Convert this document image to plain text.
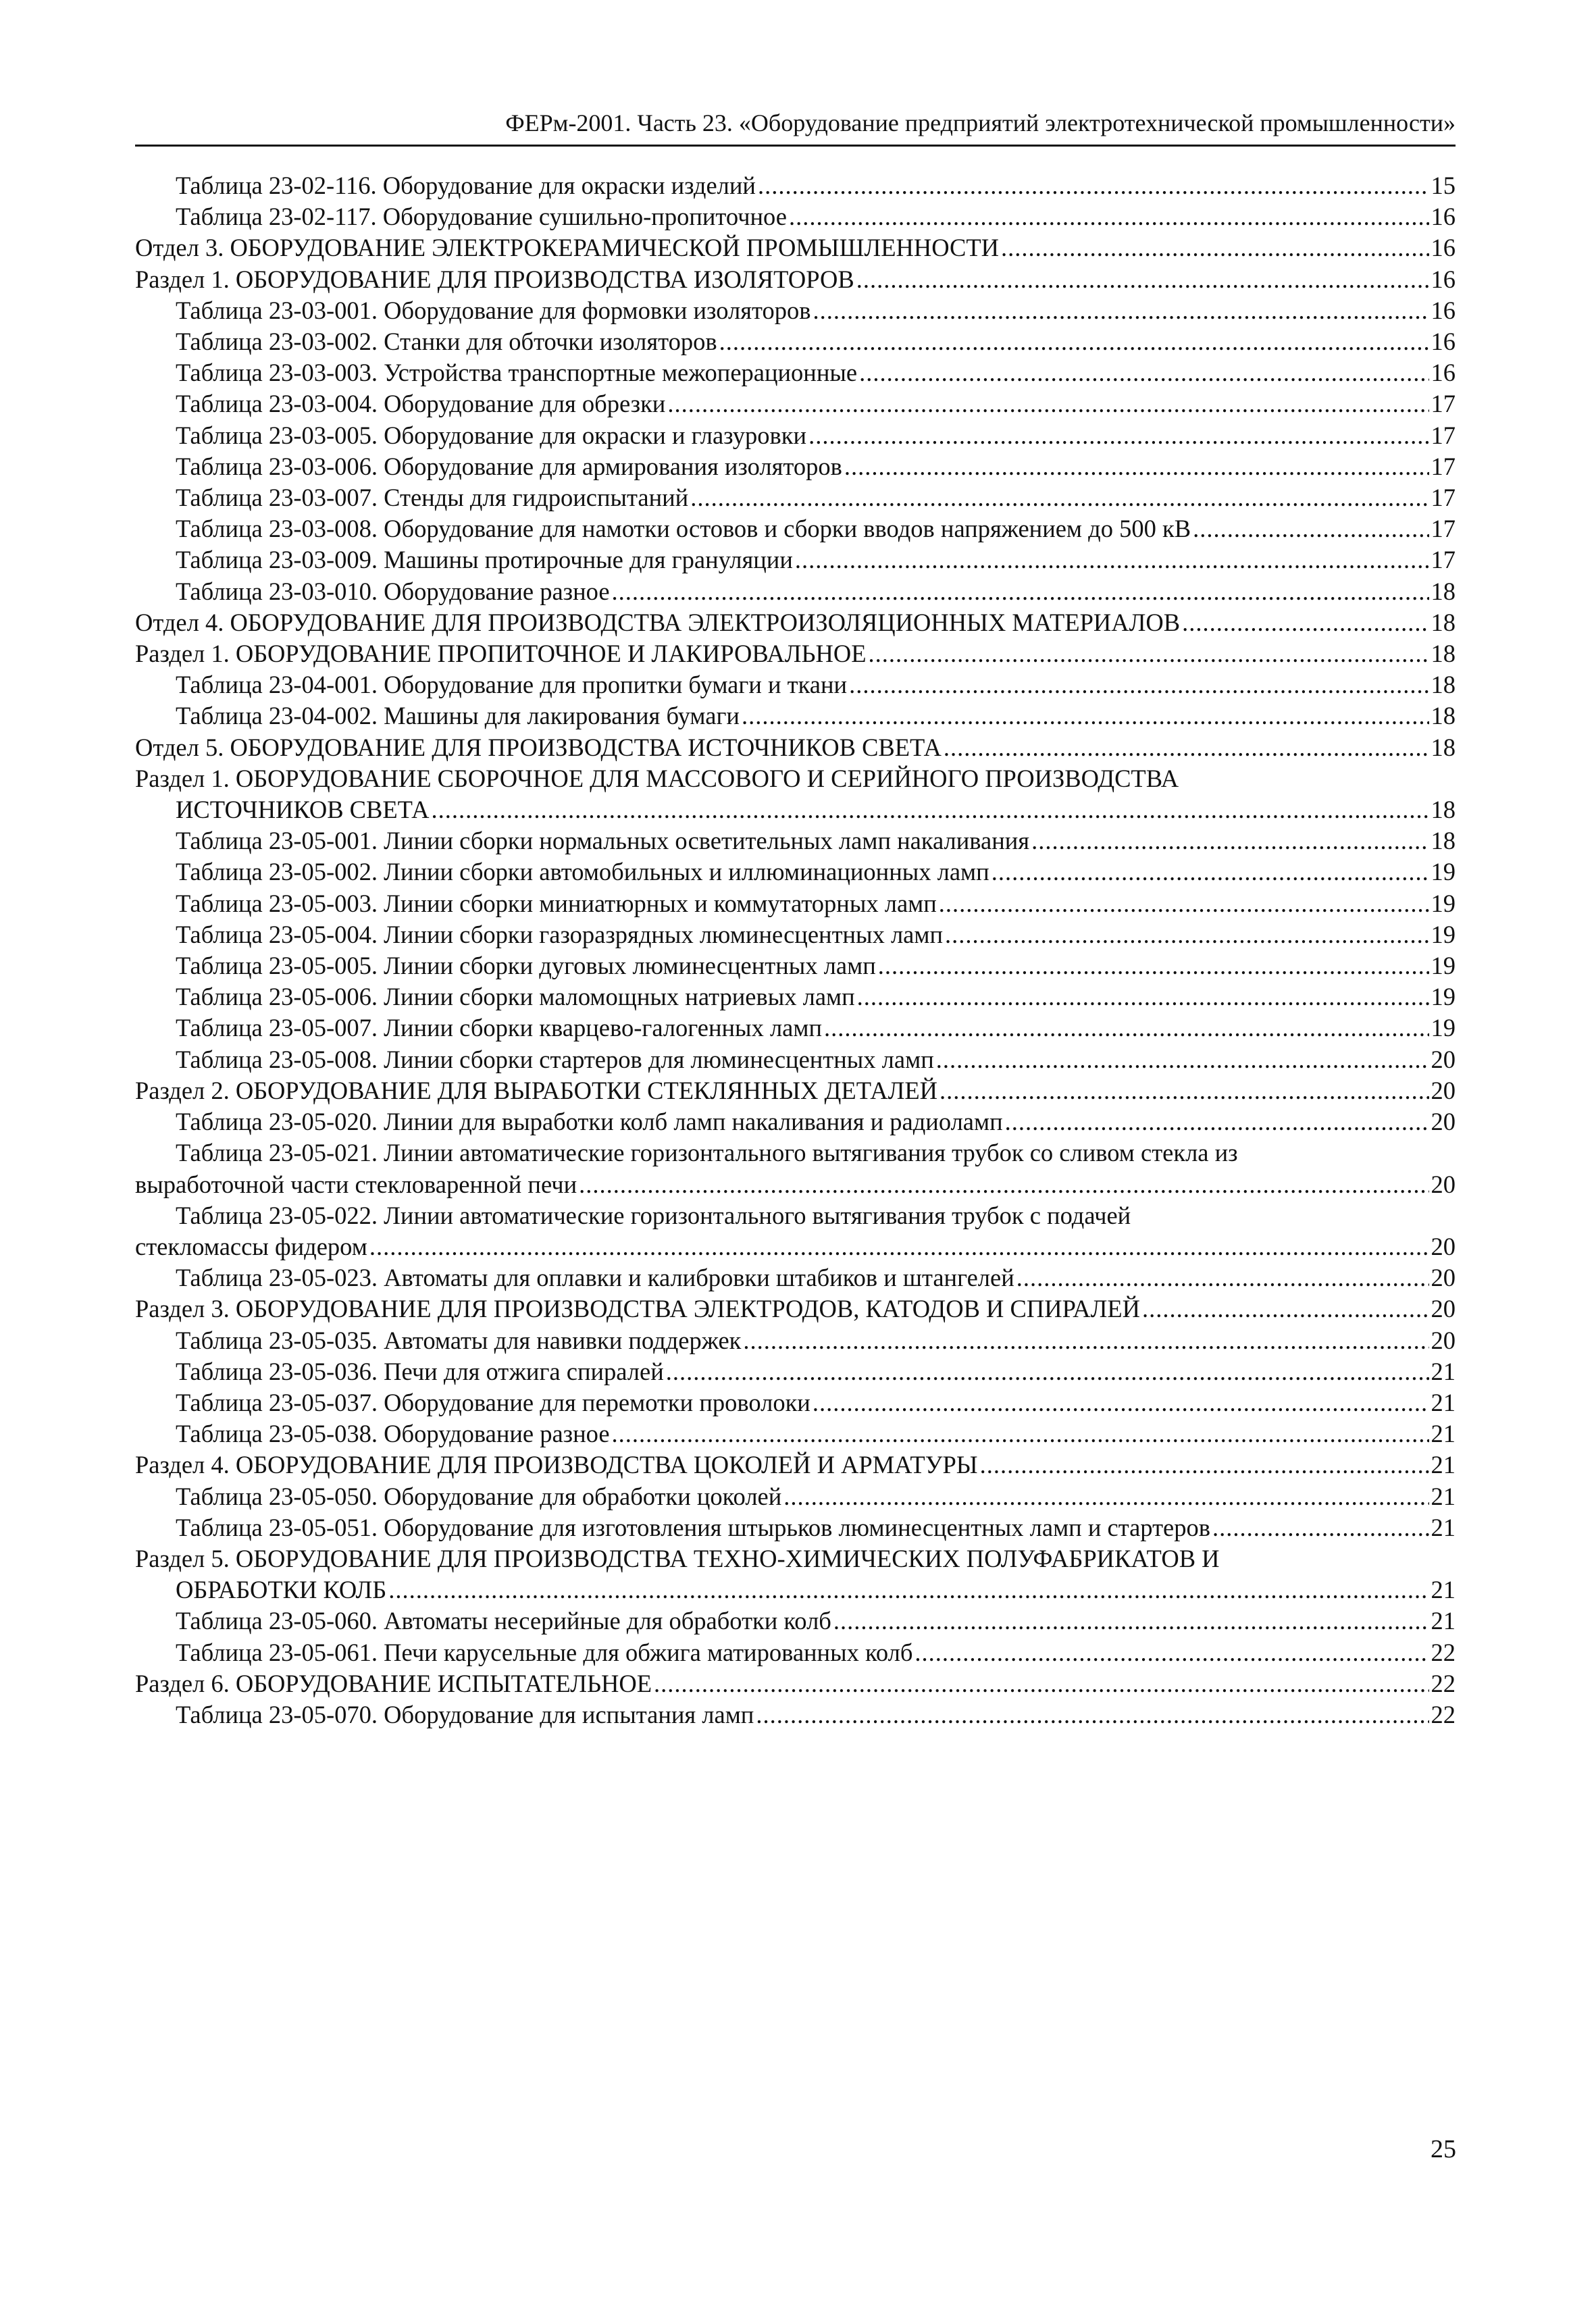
ФЕРм-2001. Часть 23. «Оборудование предприятий электротехнической промышленности»
Таблица 23-02-116. Оборудование для окраски изделий .....	15
Таблица 23-02-117. Оборудование сушильно-пропиточное .....	16
Отдел 3. ОБОРУДОВАНИЕ ЭЛЕКТРОКЕРАМИЧЕСКОЙ ПРОМЫШЛЕННОСТИ .....	16
Раздел 1. ОБОРУДОВАНИЕ ДЛЯ ПРОИЗВОДСТВА ИЗОЛЯТОРОВ .....	16
Таблица 23-03-001. Оборудование для формовки изоляторов .....	16
Таблица 23-03-002. Станки для обточки изоляторов .....	16
Таблица 23-03-003. Устройства транспортные межоперационные .....	16
Таблица 23-03-004. Оборудование для обрезки .....	17
Таблица 23-03-005. Оборудование для окраски и глазуровки .....	17
Таблица 23-03-006. Оборудование для армирования изоляторов .....	17
Таблица 23-03-007. Стенды для гидроиспытаний .....	17
Таблица 23-03-008. Оборудование для намотки остовов и сборки вводов напряжением до 500 кВ .....	17
Таблица 23-03-009. Машины протирочные для грануляции .....	17
Таблица 23-03-010. Оборудование разное .....	18
Отдел 4. ОБОРУДОВАНИЕ ДЛЯ ПРОИЗВОДСТВА ЭЛЕКТРОИЗОЛЯЦИОННЫХ МАТЕРИАЛОВ .....	18
Раздел 1. ОБОРУДОВАНИЕ ПРОПИТОЧНОЕ И ЛАКИРОВАЛЬНОЕ .....	18
Таблица 23-04-001. Оборудование для пропитки бумаги и ткани .....	18
Таблица 23-04-002. Машины для лакирования бумаги .....	18
Отдел 5. ОБОРУДОВАНИЕ ДЛЯ ПРОИЗВОДСТВА ИСТОЧНИКОВ СВЕТА .....	18
Раздел 1. ОБОРУДОВАНИЕ СБОРОЧНОЕ ДЛЯ МАССОВОГО И СЕРИЙНОГО ПРОИЗВОДСТВА
ИСТОЧНИКОВ СВЕТА .....	18
Таблица 23-05-001. Линии сборки нормальных осветительных ламп накаливания .....	18
Таблица 23-05-002. Линии сборки автомобильных и иллюминационных ламп .....	19
Таблица 23-05-003. Линии сборки миниатюрных и коммутаторных ламп .....	19
Таблица 23-05-004. Линии сборки газоразрядных люминесцентных ламп .....	19
Таблица 23-05-005. Линии сборки дуговых люминесцентных ламп .....	19
Таблица 23-05-006. Линии сборки маломощных натриевых ламп .....	19
Таблица 23-05-007. Линии сборки кварцево-галогенных ламп .....	19
Таблица 23-05-008. Линии сборки стартеров для люминесцентных ламп .....	20
Раздел 2. ОБОРУДОВАНИЕ ДЛЯ ВЫРАБОТКИ СТЕКЛЯННЫХ ДЕТАЛЕЙ .....	20
Таблица 23-05-020. Линии для выработки колб ламп накаливания и радиоламп .....	20
Таблица 23-05-021. Линии автоматические горизонтального вытягивания трубок со сливом стекла из
выработочной части стекловаренной печи .....	20
Таблица 23-05-022. Линии автоматические горизонтального вытягивания трубок с подачей
стекломассы фидером .....	20
Таблица 23-05-023. Автоматы для оплавки и калибровки штабиков и штангелей .....	20
Раздел 3. ОБОРУДОВАНИЕ ДЛЯ ПРОИЗВОДСТВА ЭЛЕКТРОДОВ, КАТОДОВ И СПИРАЛЕЙ .....	20
Таблица 23-05-035. Автоматы для навивки поддержек .....	20
Таблица 23-05-036. Печи для отжига спиралей .....	21
Таблица 23-05-037. Оборудование для перемотки проволоки .....	21
Таблица 23-05-038. Оборудование разное .....	21
Раздел 4. ОБОРУДОВАНИЕ ДЛЯ ПРОИЗВОДСТВА ЦОКОЛЕЙ И АРМАТУРЫ .....	21
Таблица 23-05-050. Оборудование для обработки цоколей .....	21
Таблица 23-05-051. Оборудование для изготовления штырьков люминесцентных ламп и стартеров .....	21
Раздел 5. ОБОРУДОВАНИЕ ДЛЯ ПРОИЗВОДСТВА ТЕХНО-ХИМИЧЕСКИХ ПОЛУФАБРИКАТОВ И
ОБРАБОТКИ КОЛБ .....	21
Таблица 23-05-060. Автоматы несерийные для обработки колб .....	21
Таблица 23-05-061. Печи карусельные для обжига матированных колб .....	22
Раздел 6. ОБОРУДОВАНИЕ ИСПЫТАТЕЛЬНОЕ .....	22
Таблица 23-05-070. Оборудование для испытания ламп .....	22
25
